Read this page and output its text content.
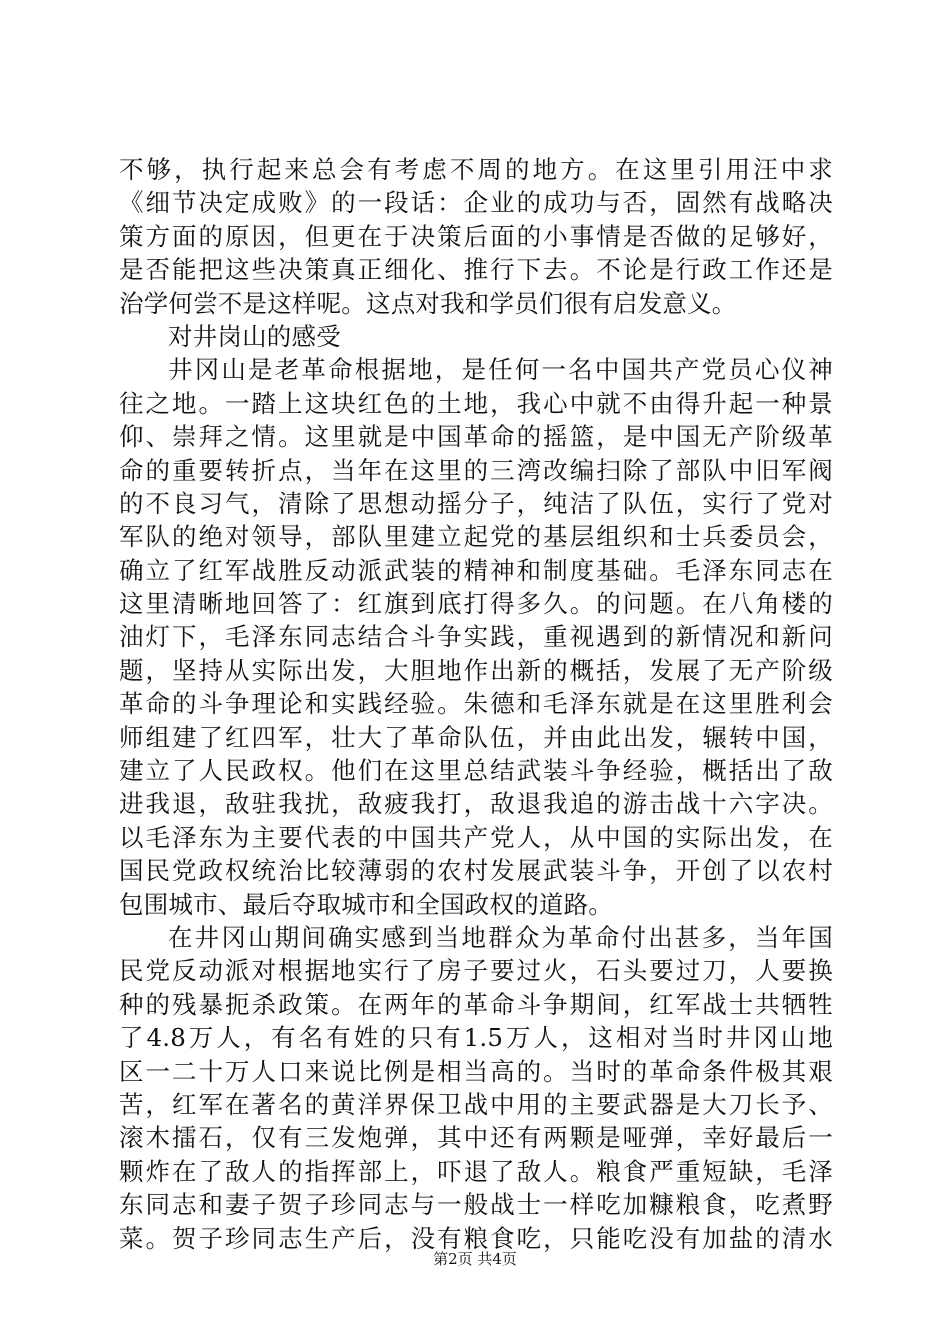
不够，执行起来总会有考虑不周的地方。在这里引用汪中求
《细节决定成败》的一段话：企业的成功与否，固然有战略决
策方面的原因，但更在于决策后面的小事情是否做的足够好，
是否能把这些决策真正细化、推行下去。不论是行政工作还是
治学何尝不是这样呢。这点对我和学员们很有启发意义。
对井岗山的感受
井冈山是老革命根据地，是任何一名中国共产党员心仪神
往之地。一踏上这块红色的土地，我心中就不由得升起一种景
仰、崇拜之情。这里就是中国革命的摇篮，是中国无产阶级革
命的重要转折点，当年在这里的三湾改编扫除了部队中旧军阀
的不良习气，清除了思想动摇分子，纯洁了队伍，实行了党对
军队的绝对领导，部队里建立起党的基层组织和士兵委员会，
确立了红军战胜反动派武装的精神和制度基础。毛泽东同志在
这里清晰地回答了：红旗到底打得多久。的问题。在八角楼的
油灯下，毛泽东同志结合斗争实践，重视遇到的新情况和新问
题，坚持从实际出发，大胆地作出新的概括，发展了无产阶级
革命的斗争理论和实践经验。朱德和毛泽东就是在这里胜利会
师组建了红四军，壮大了革命队伍，并由此出发，辗转中国，
建立了人民政权。他们在这里总结武装斗争经验，概括出了敌
进我退，敌驻我扰，敌疲我打，敌退我追的游击战十六字决。
以毛泽东为主要代表的中国共产党人，从中国的实际出发，在
国民党政权统治比较薄弱的农村发展武装斗争，开创了以农村
包围城市、最后夺取城市和全国政权的道路。
在井冈山期间确实感到当地群众为革命付出甚多，当年国
民党反动派对根据地实行了房子要过火，石头要过刀，人要换
种的残暴扼杀政策。在两年的革命斗争期间，红军战士共牺牲
了4.8万人，有名有姓的只有1.5万人，这相对当时井冈山地
区一二十万人口来说比例是相当高的。当时的革命条件极其艰
苦，红军在著名的黄洋界保卫战中用的主要武器是大刀长予、
滚木擂石，仅有三发炮弹，其中还有两颗是哑弹，幸好最后一
颗炸在了敌人的指挥部上，吓退了敌人。粮食严重短缺，毛泽
东同志和妻子贺子珍同志与一般战士一样吃加糠粮食，吃煮野
菜。贺子珍同志生产后，没有粮食吃，只能吃没有加盐的清水
第2页 共4页
